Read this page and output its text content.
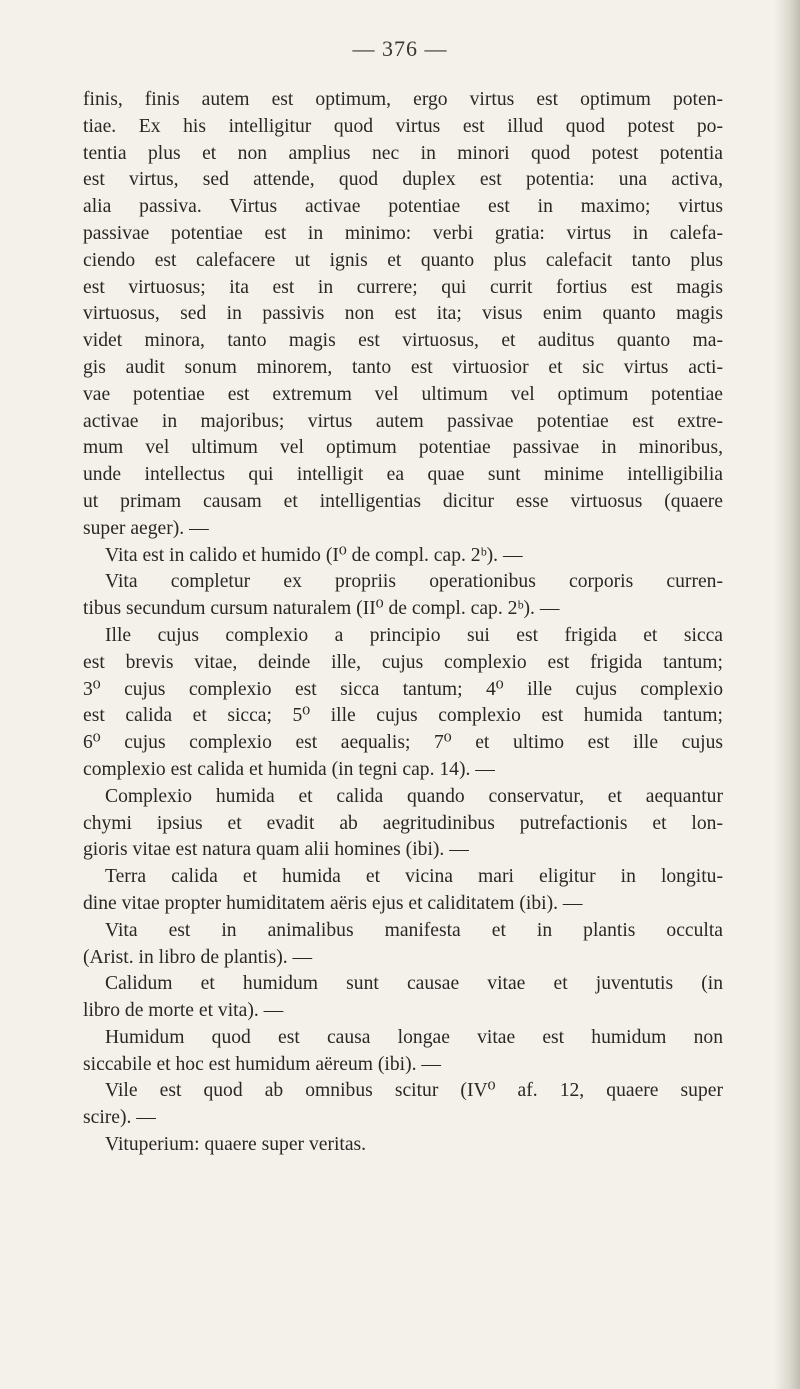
— 376 —
finis, finis autem est optimum, ergo virtus est optimum poten-
tiae. Ex his intelligitur quod virtus est illud quod potest po-
tentia plus et non amplius nec in minori quod potest potentia
est virtus, sed attende, quod duplex est potentia: una activa,
alia passiva. Virtus activae potentiae est in maximo; virtus
passivae potentiae est in minimo: verbi gratia: virtus in calefa-
ciendo est calefacere ut ignis et quanto plus calefacit tanto plus
est virtuosus; ita est in currere; qui currit fortius est magis
virtuosus, sed in passivis non est ita; visus enim quanto magis
videt minora, tanto magis est virtuosus, et auditus quanto ma-
gis audit sonum minorem, tanto est virtuosior et sic virtus acti-
vae potentiae est extremum vel ultimum vel optimum potentiae
activae in majoribus; virtus autem passivae potentiae est extre-
mum vel ultimum vel optimum potentiae passivae in minoribus,
unde intellectus qui intelligit ea quae sunt minime intelligibilia
ut primam causam et intelligentias dicitur esse virtuosus (quaere
super aeger). —
Vita est in calido et humido (I⁰ de compl. cap. 2ᵇ). —
Vita completur ex propriis operationibus corporis curren-
tibus secundum cursum naturalem (II⁰ de compl. cap. 2ᵇ). —
Ille cujus complexio a principio sui est frigida et sicca
est brevis vitae, deinde ille, cujus complexio est frigida tantum;
3⁰ cujus complexio est sicca tantum; 4⁰ ille cujus complexio
est calida et sicca; 5⁰ ille cujus complexio est humida tantum;
6⁰ cujus complexio est aequalis; 7⁰ et ultimo est ille cujus
complexio est calida et humida (in tegni cap. 14). —
Complexio humida et calida quando conservatur, et aequantur
chymi ipsius et evadit ab aegritudinibus putrefactionis et lon-
gioris vitae est natura quam alii homines (ibi). —
Terra calida et humida et vicina mari eligitur in longitu-
dine vitae propter humiditatem aëris ejus et caliditatem (ibi). —
Vita est in animalibus manifesta et in plantis occulta
(Arist. in libro de plantis). —
Calidum et humidum sunt causae vitae et juventutis (in
libro de morte et vita). —
Humidum quod est causa longae vitae est humidum non
siccabile et hoc est humidum aëreum (ibi). —
Vile est quod ab omnibus scitur (IV⁰ af. 12, quaere super
scire). —
Vituperium: quaere super veritas.
